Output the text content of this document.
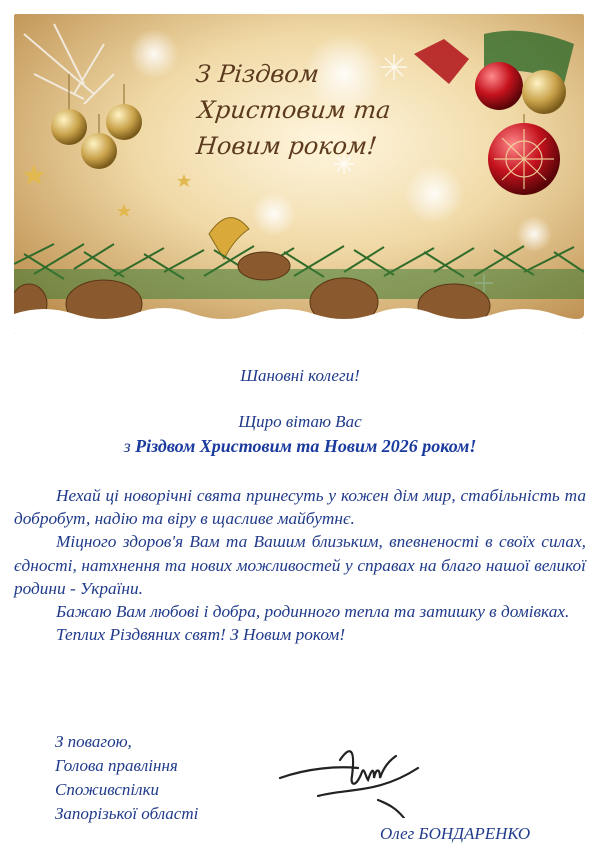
З Різдвом
Христовим та
Новим роком!
Шановні колеги!
Щиро вітаю Вас
з Різдвом Христовим та Новим 2026 роком!

Нехай ці новорічні свята принесуть у кожен дім мир, стабільність та добробут, надію та віру в щасливе майбутнє.

Міцного здоров'я Вам та Вашим близьким, впевненості в своїх силах, єдності, натхнення та нових можливостей у справах на благо нашої великої родини - України.

Бажаю Вам любові і добра, родинного тепла та затишку в домівках.

Теплих Різдвяних свят! З Новим роком!

З повагою,
Голова правління
Споживспілки
Запорізької області
Олег БОНДАРЕНКО
